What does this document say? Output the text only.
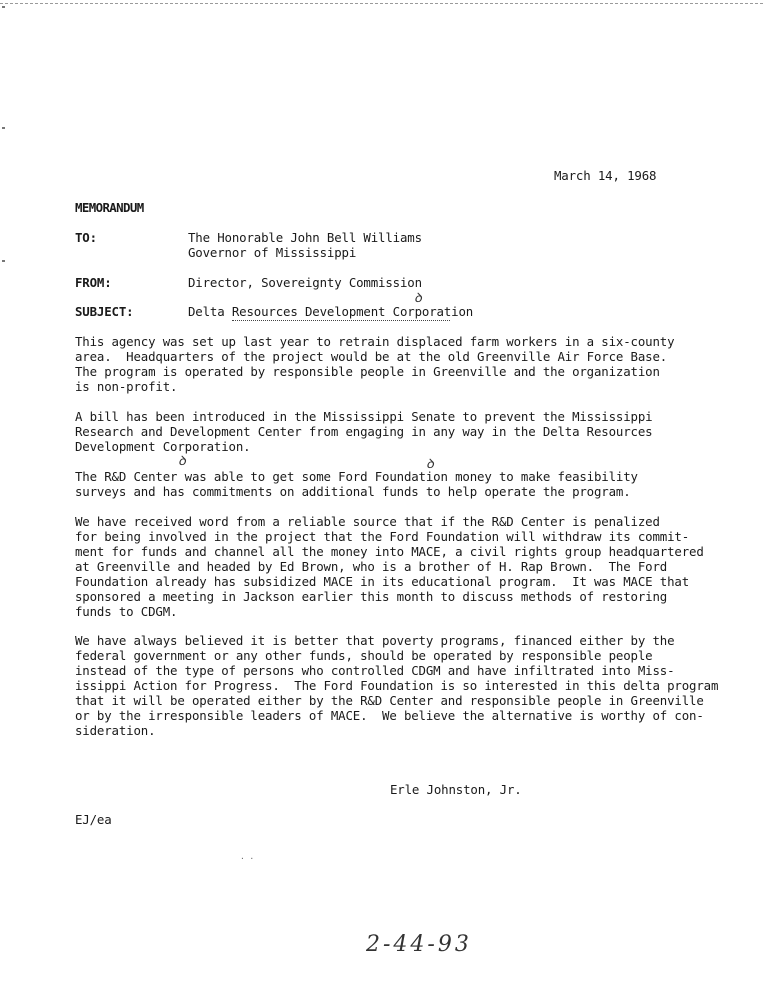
March 14, 1968
MEMORANDUM
TO:	The Honorable John Bell Williams
Governor of Mississippi
FROM:	Director, Sovereignty Commission
ꝺ
SUBJECT:	Delta Resources Development Corporation

This agency was set up last year to retrain displaced farm workers in a six-county
area.  Headquarters of the project would be at the old Greenville Air Force Base.
The program is operated by responsible people in Greenville and the organization
is non-profit.

A bill has been introduced in the Mississippi Senate to prevent the Mississippi
Research and Development Center from engaging in any way in the Delta Resources
Development Corporation.

ꝺ	ꝺ

The R&D Center was able to get some Ford Foundation money to make feasibility
surveys and has commitments on additional funds to help operate the program.

We have received word from a reliable source that if the R&D Center is penalized
for being involved in the project that the Ford Foundation will withdraw its commit-
ment for funds and channel all the money into MACE, a civil rights group headquartered
at Greenville and headed by Ed Brown, who is a brother of H. Rap Brown.  The Ford
Foundation already has subsidized MACE in its educational program.  It was MACE that
sponsored a meeting in Jackson earlier this month to discuss methods of restoring
funds to CDGM.

We have always believed it is better that poverty programs, financed either by the
federal government or any other funds, should be operated by responsible people
instead of the type of persons who controlled CDGM and have infiltrated into Miss-
issippi Action for Progress.  The Ford Foundation is so interested in this delta program
that it will be operated either by the R&D Center and responsible people in Greenville
or by the irresponsible leaders of MACE.  We believe the alternative is worthy of con-
sideration.

Erle Johnston, Jr.
EJ/ea
. .
2-44-93
